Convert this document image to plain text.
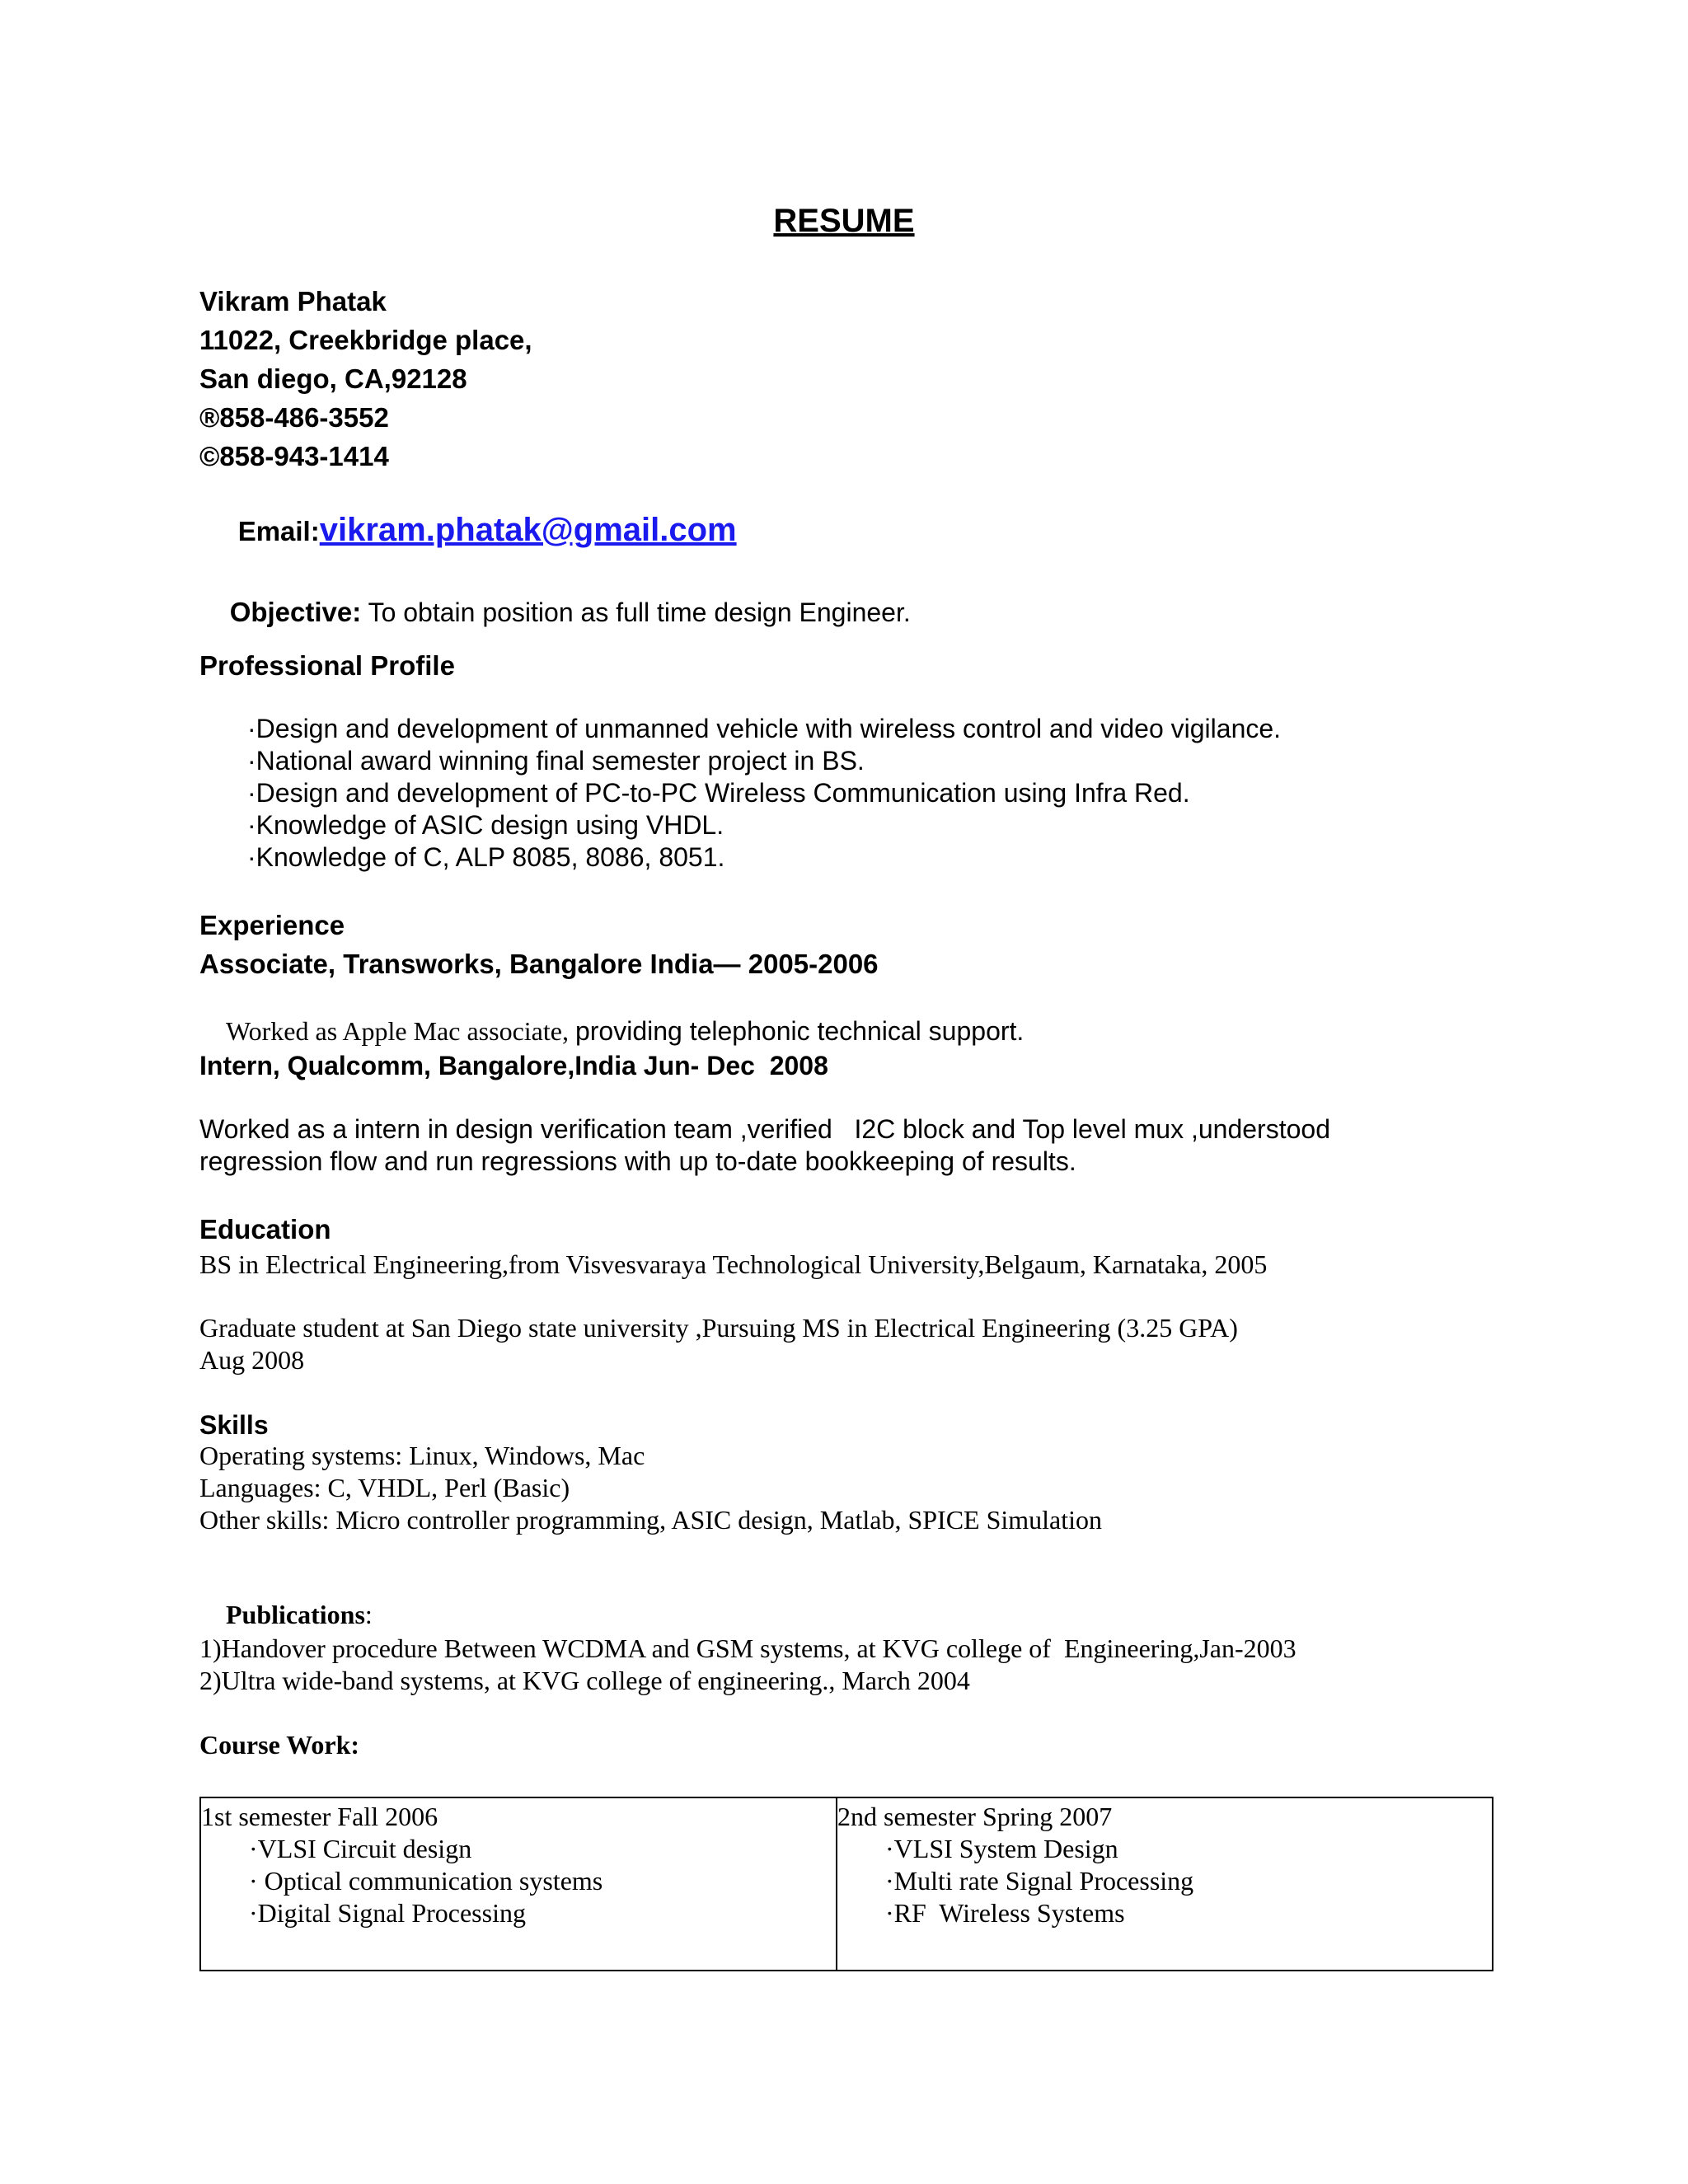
RESUME
Vikram Phatak
11022, Creekbridge place,
San diego, CA,92128
®858-486-3552
©858-943-1414

Email:vikram.phatak@gmail.com

Objective: To obtain position as full time design Engineer.

Professional Profile
·Design and development of unmanned vehicle with wireless control and video vigilance.
·National award winning final semester project in BS.
·Design and development of PC-to-PC Wireless Communication using Infra Red.
·Knowledge of ASIC design using VHDL.
·Knowledge of C, ALP 8085, 8086, 8051.
Experience
Associate, Transworks, Bangalore India— 2005-2006

Worked as Apple Mac associate, providing telephonic technical support.

Intern, Qualcomm, Bangalore,India Jun- Dec  2008
Worked as a intern in design verification team ,verified   I2C block and Top level mux ,understood
regression flow and run regressions with up to-date bookkeeping of results.
Education
BS in Electrical Engineering,from Visvesvaraya Technological University,Belgaum, Karnataka, 2005
Graduate student at San Diego state university ,Pursuing MS in Electrical Engineering (3.25 GPA)
Aug 2008
Skills
Operating systems: Linux, Windows, Mac
Languages: C, VHDL, Perl (Basic)
Other skills: Micro controller programming, ASIC design, Matlab, SPICE Simulation

Publications:

1)Handover procedure Between WCDMA and GSM systems, at KVG college of  Engineering,Jan-2003
2)Ultra wide-band systems, at KVG college of engineering., March 2004
Course Work:
1st semester Fall 2006
·VLSI Circuit design
· Optical communication systems
·Digital Signal Processing
2nd semester Spring 2007
·VLSI System Design
·Multi rate Signal Processing
·RF  Wireless Systems
